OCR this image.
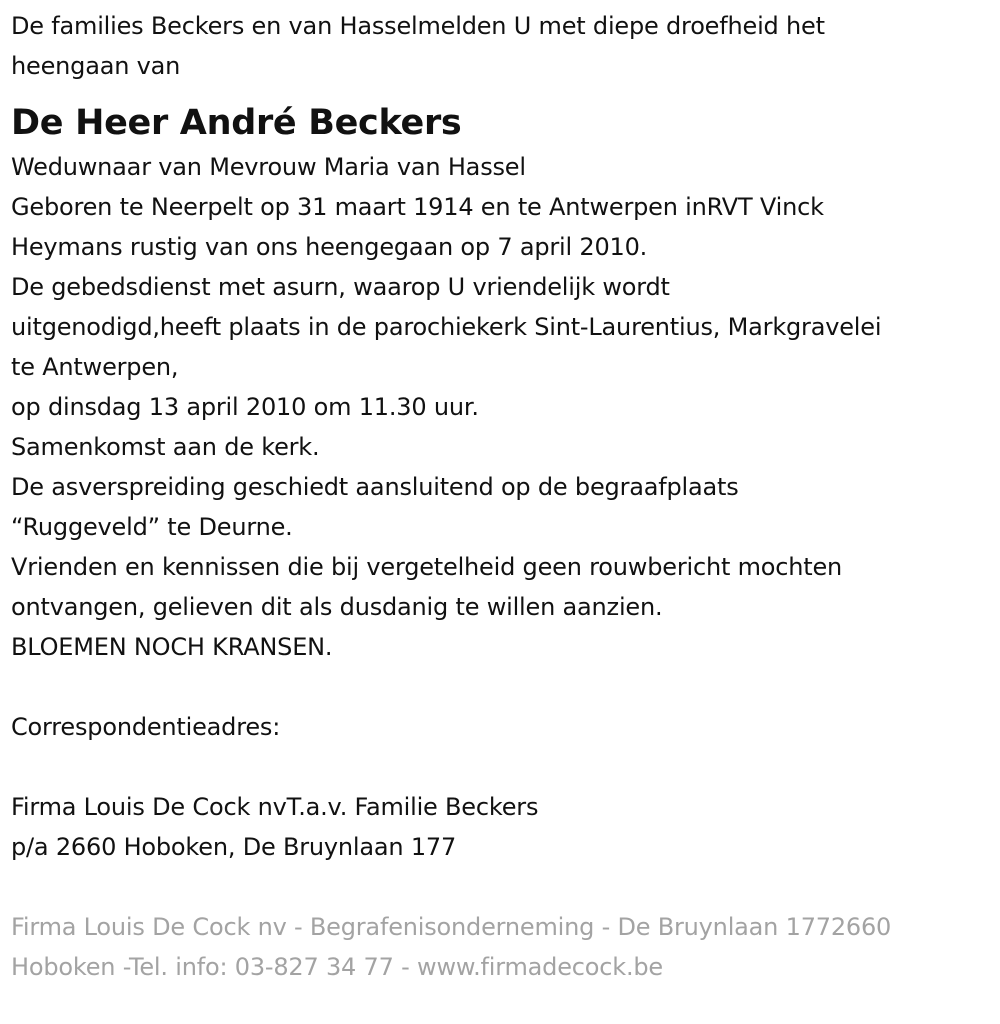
De families Beckers en van Hasselmelden U met diepe droefheid het
heengaan van
De Heer André Beckers
Weduwnaar van Mevrouw Maria van Hassel
Geboren te Neerpelt op 31 maart 1914 en te Antwerpen inRVT Vinck
Heymans rustig van ons heengegaan op 7 april 2010.
De gebedsdienst met asurn, waarop U vriendelijk wordt
uitgenodigd,heeft plaats in de parochiekerk Sint-Laurentius, Markgravelei
te Antwerpen,
op dinsdag 13 april 2010 om 11.30 uur.
Samenkomst aan de kerk.
De asverspreiding geschiedt aansluitend op de begraafplaats
“Ruggeveld” te Deurne.
Vrienden en kennissen die bij vergetelheid geen rouwbericht mochten
ontvangen, gelieven dit als dusdanig te willen aanzien.
BLOEMEN NOCH KRANSEN.
Correspondentieadres:
Firma Louis De Cock nvT.a.v. Familie Beckers
p/a 2660 Hoboken, De Bruynlaan 177
Firma Louis De Cock nv - Begrafenisonderneming - De Bruynlaan 1772660
Hoboken -Tel. info: 03-827 34 77 - www.firmadecock.be
